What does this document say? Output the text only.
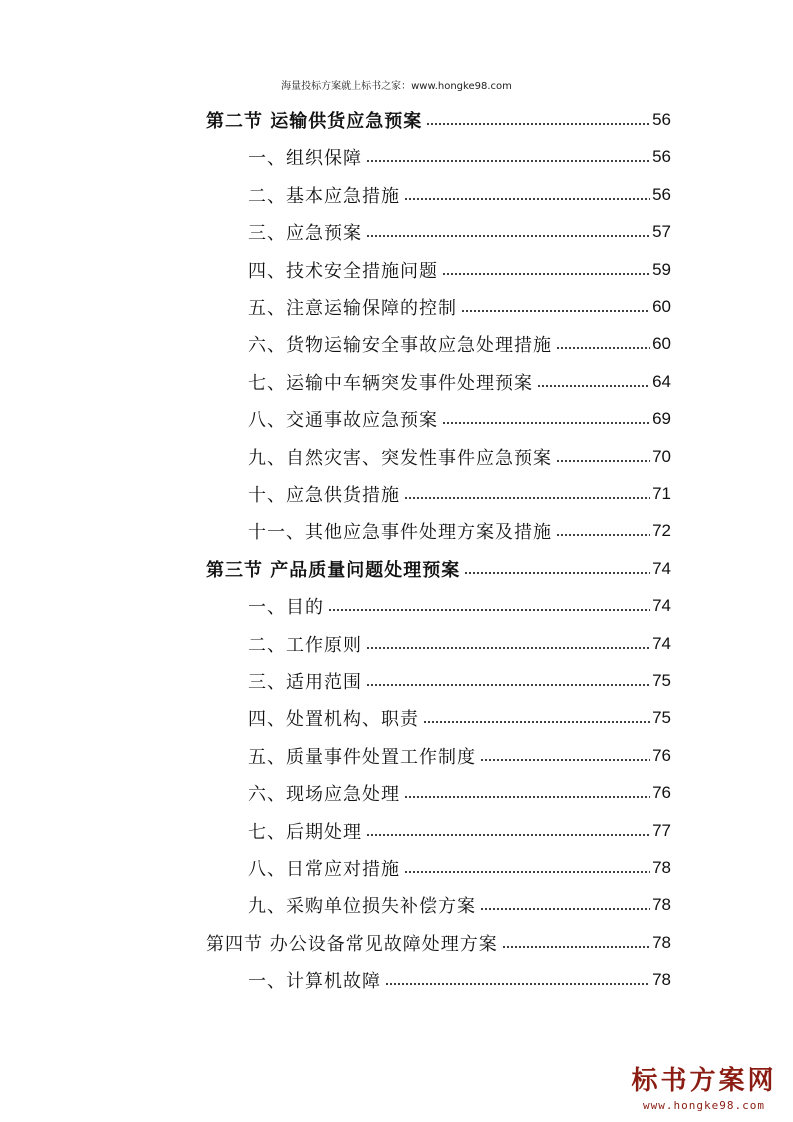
海量投标方案就上标书之家：www.hongke98.com
第二节 运输供货应急预案	56
一、组织保障	56
二、基本应急措施	56
三、应急预案	57
四、技术安全措施问题	59
五、注意运输保障的控制	60
六、货物运输安全事故应急处理措施	60
七、运输中车辆突发事件处理预案	64
八、交通事故应急预案	69
九、自然灾害、突发性事件应急预案	70
十、应急供货措施	71
十一、其他应急事件处理方案及措施	72
第三节 产品质量问题处理预案	74
一、目的	74
二、工作原则	74
三、适用范围	75
四、处置机构、职责	75
五、质量事件处置工作制度	76
六、现场应急处理	76
七、后期处理	77
八、日常应对措施	78
九、采购单位损失补偿方案	78
第四节 办公设备常见故障处理方案	78
一、计算机故障	78
标书方案网
www.hongke98.com
